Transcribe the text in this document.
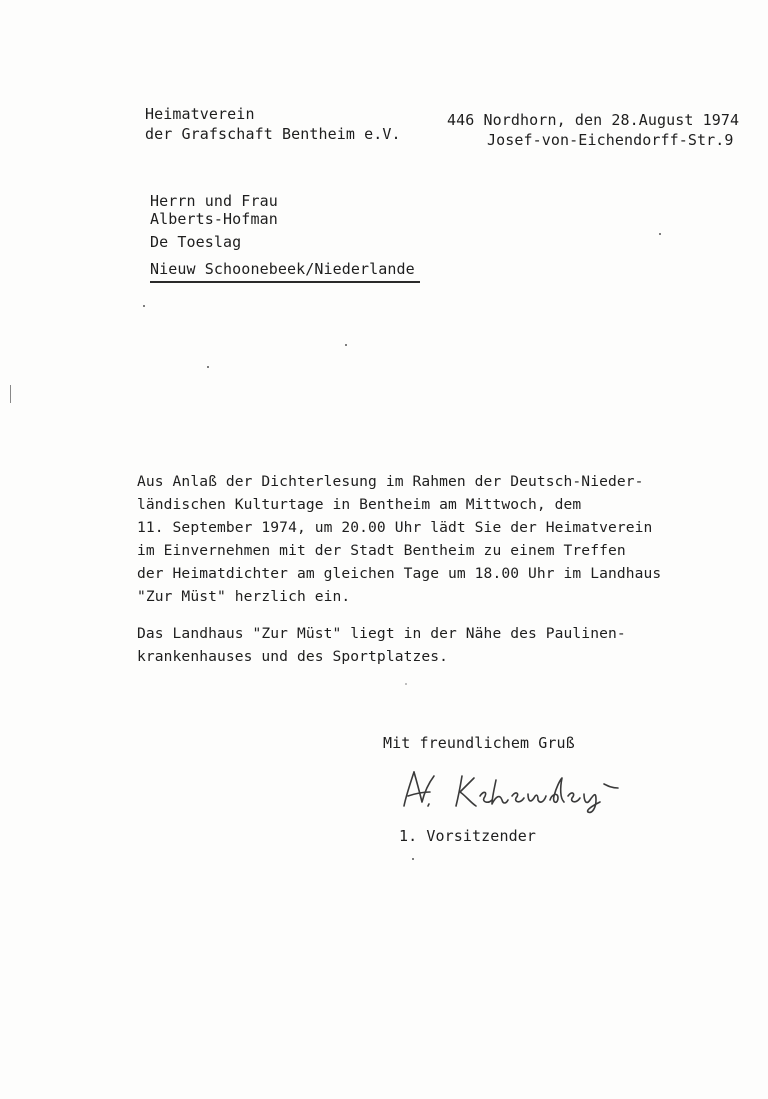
Heimatverein
der Grafschaft Bentheim e.V.
446 Nordhorn, den 28.August 1974
Josef-von-Eichendorff-Str.9
Herrn und Frau
Alberts-Hofman
De Toeslag
Nieuw Schoonebeek/Niederlande
Aus Anlaß der Dichterlesung im Rahmen der Deutsch-Nieder-
ländischen Kulturtage in Bentheim am Mittwoch, dem
11. September 1974, um 20.00 Uhr lädt Sie der Heimatverein
im Einvernehmen mit der Stadt Bentheim zu einem Treffen
der Heimatdichter am gleichen Tage um 18.00 Uhr im Landhaus
"Zur Müst" herzlich ein.
Das Landhaus "Zur Müst" liegt in der Nähe des Paulinen-
krankenhauses und des Sportplatzes.
Mit freundlichem Gruß
1. Vorsitzender
